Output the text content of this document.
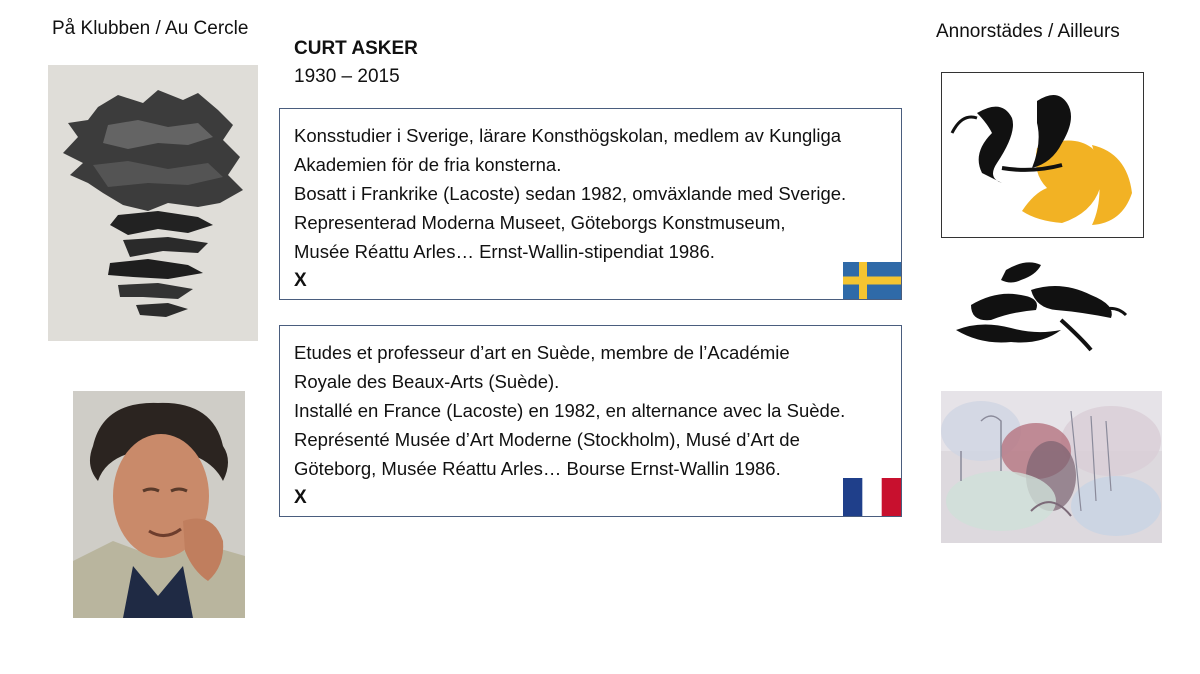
På Klubben / Au Cercle	Annorstädes / Ailleurs
CURT ASKER
1930 – 2015

Konsstudier i Sverige, lärare Konsthögskolan, medlem av Kungliga

Akademien för de fria konsterna.

Bosatt i Frankrike (Lacoste) sedan 1982, omväxlande med Sverige.

Representerad Moderna Museet, Göteborgs Konstmuseum,

Musée Réattu Arles… Ernst-Wallin-stipendiat 1986.

X

Etudes et professeur d’art en Suède, membre de l’Académie

Royale des Beaux-Arts (Suède).

Installé en France (Lacoste) en 1982, en alternance avec la Suède.

Représenté Musée d’Art Moderne (Stockholm), Musé d’Art de

Göteborg, Musée Réattu Arles… Bourse Ernst-Wallin 1986.

X
